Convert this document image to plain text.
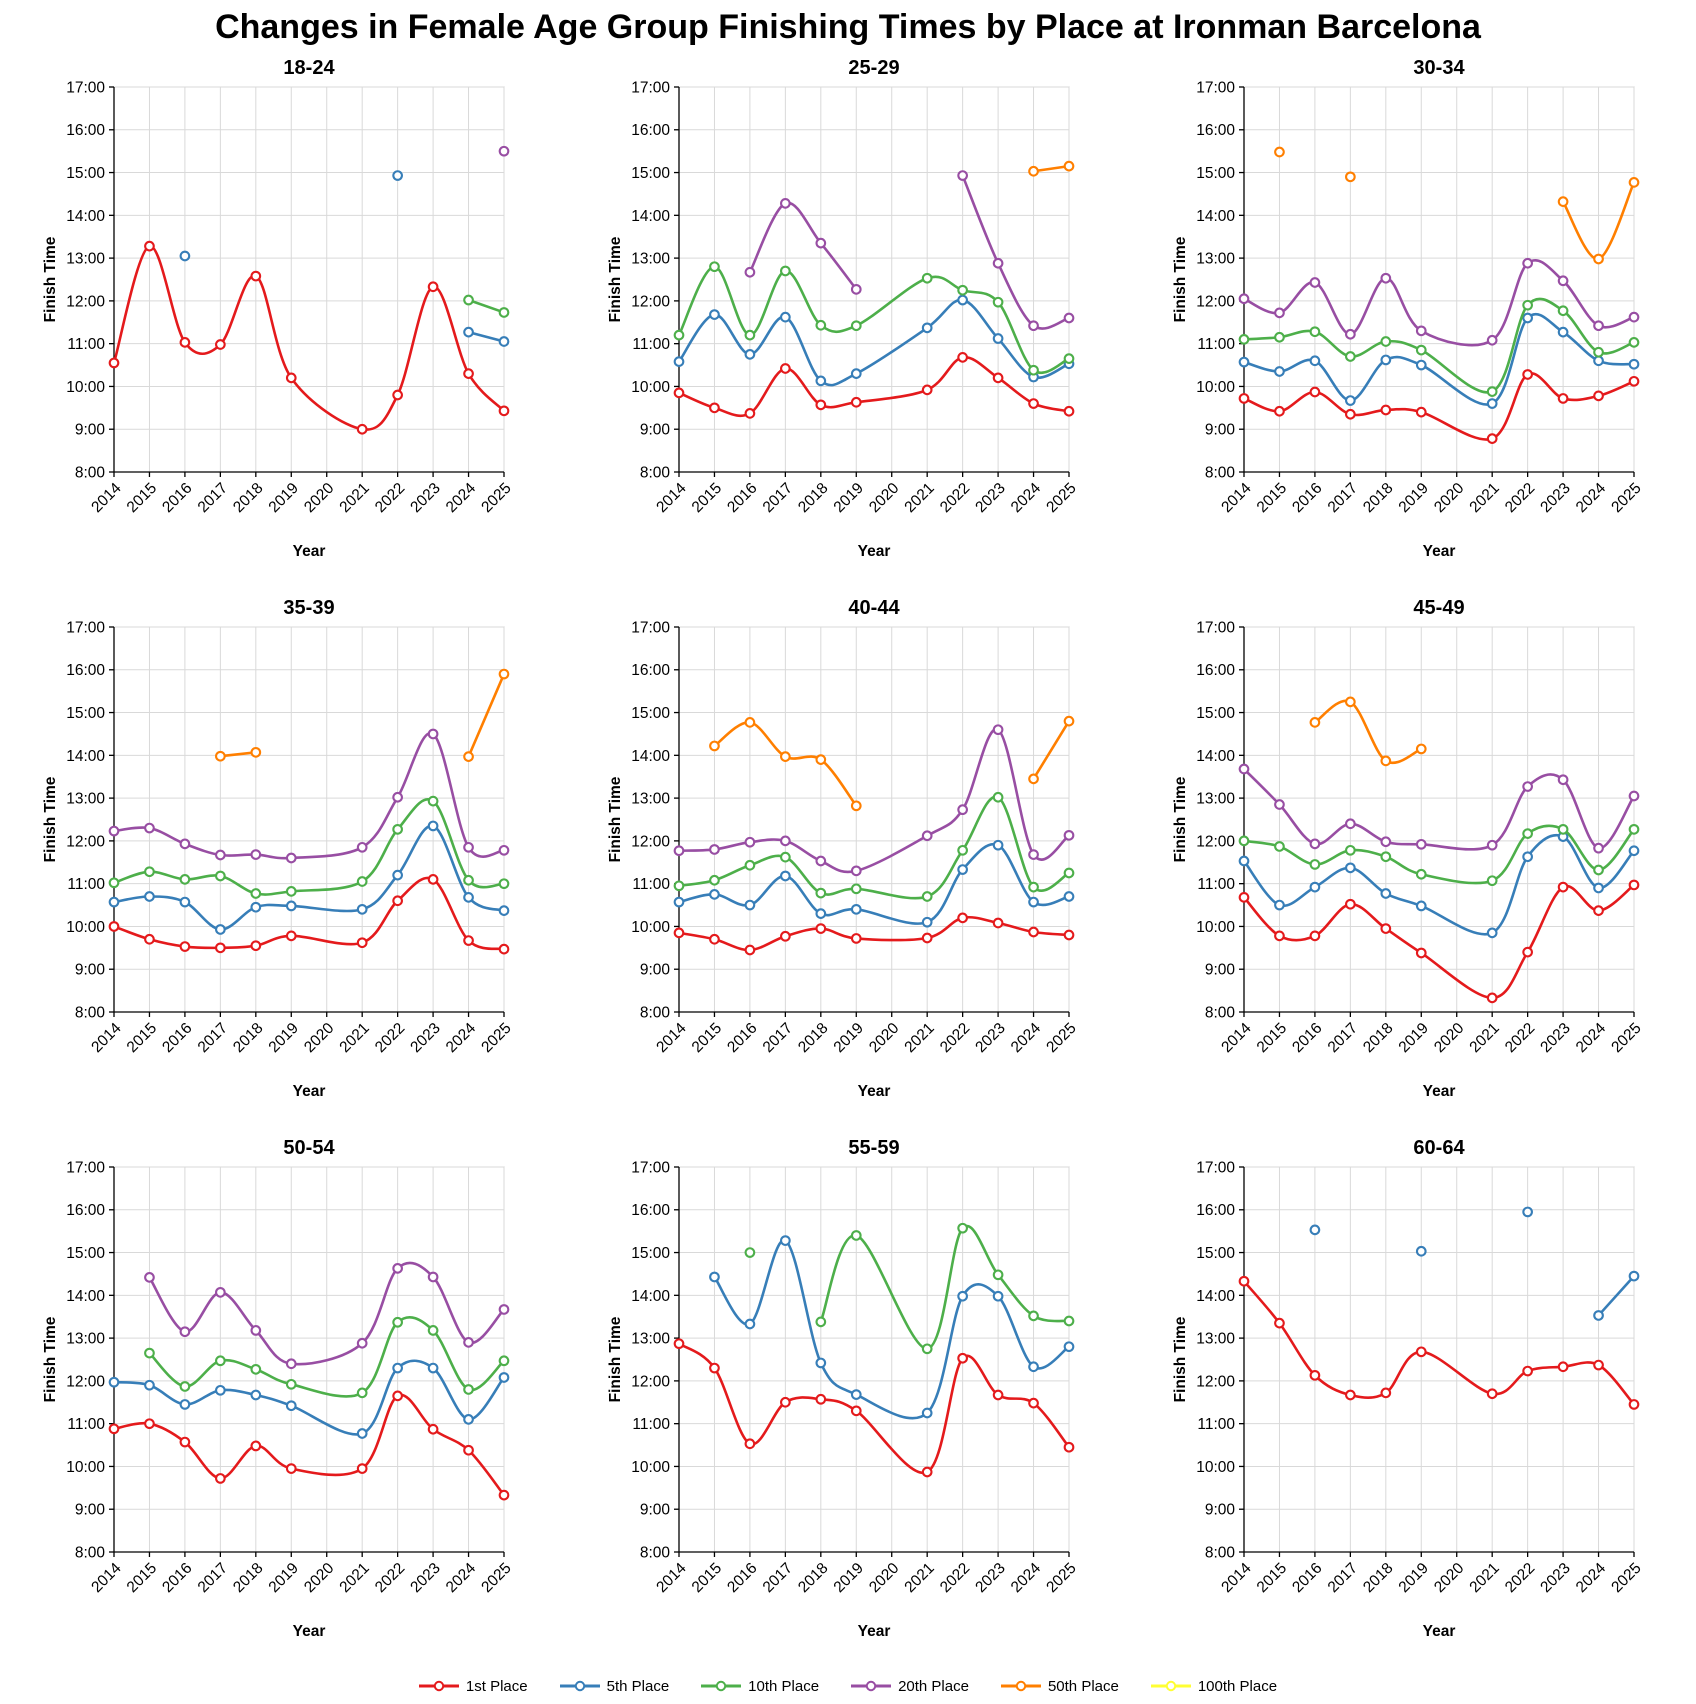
Changes in Female Age Group Finishing Times by Place at Ironman Barcelona
8:00
9:00
10:00
11:00
12:00
13:00
14:00
15:00
16:00
17:00
2014 2015 2016 2017 2018 2019 2020 2021 2022 2023 2024 2025
Finish Time
Year
18-24
8:00
9:00
10:00
11:00
12:00
13:00
14:00
15:00
16:00
17:00
2014 2015 2016 2017 2018 2019 2020 2021 2022 2023 2024 2025
Finish Time
Year
25-29
8:00
9:00
10:00
11:00
12:00
13:00
14:00
15:00
16:00
17:00
2014 2015 2016 2017 2018 2019 2020 2021 2022 2023 2024 2025
Finish Time
Year
30-34
8:00
9:00
10:00
11:00
12:00
13:00
14:00
15:00
16:00
17:00
2014 2015 2016 2017 2018 2019 2020 2021 2022 2023 2024 2025
Finish Time
Year
35-39
8:00
9:00
10:00
11:00
12:00
13:00
14:00
15:00
16:00
17:00
2014 2015 2016 2017 2018 2019 2020 2021 2022 2023 2024 2025
Finish Time
Year
40-44
8:00
9:00
10:00
11:00
12:00
13:00
14:00
15:00
16:00
17:00
2014 2015 2016 2017 2018 2019 2020 2021 2022 2023 2024 2025
Finish Time
Year
45-49
8:00
9:00
10:00
11:00
12:00
13:00
14:00
15:00
16:00
17:00
2014 2015 2016 2017 2018 2019 2020 2021 2022 2023 2024 2025
Finish Time
Year
50-54
8:00
9:00
10:00
11:00
12:00
13:00
14:00
15:00
16:00
17:00
2014 2015 2016 2017 2018 2019 2020 2021 2022 2023 2024 2025
Finish Time
Year
55-59
8:00
9:00
10:00
11:00
12:00
13:00
14:00
15:00
16:00
17:00
2014 2015 2016 2017 2018 2019 2020 2021 2022 2023 2024 2025
Finish Time
Year
60-64
1st Place	5th Place	10th Place	20th Place	50th Place	100th Place
